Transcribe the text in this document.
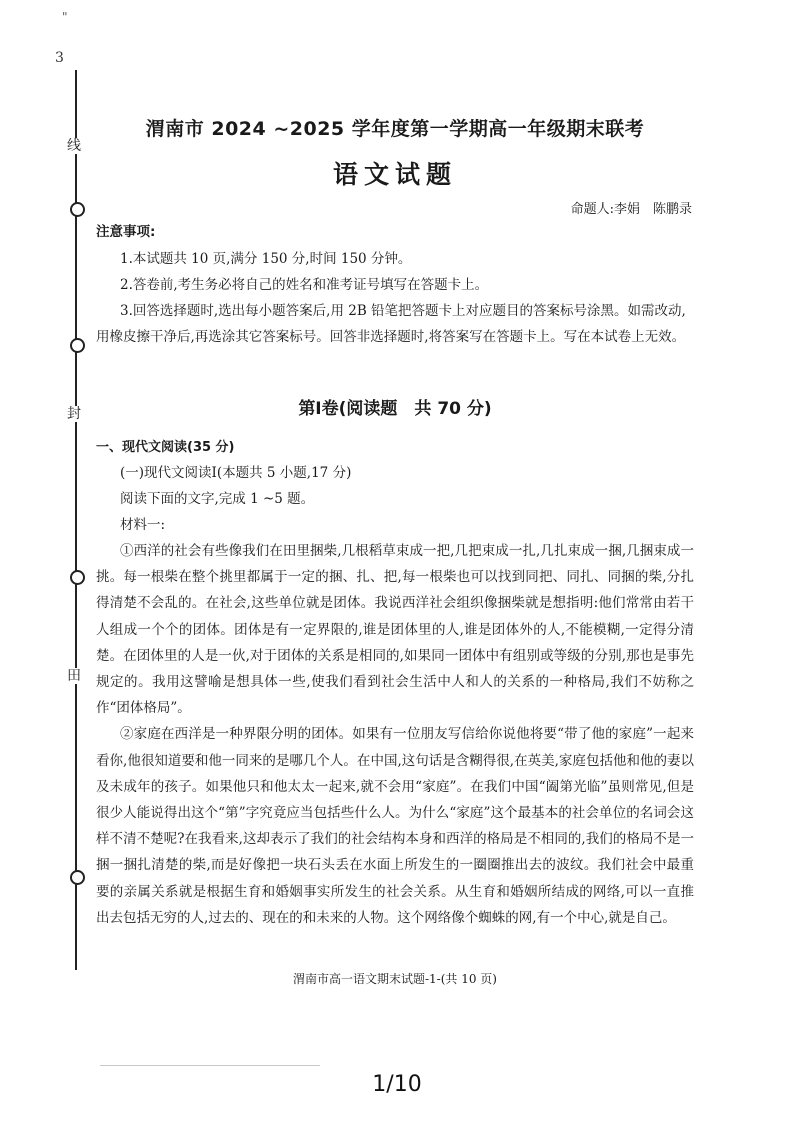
"
3
线
封
田
渭南市 2024 ~2025 学年度第一学期高一年级期末联考
语文试题
命题人:李娟　陈鹏录
注意事项:

1.本试题共 10 页,满分 150 分,时间 150 分钟。

2.答卷前,考生务必将自己的姓名和准考证号填写在答题卡上。

3.回答选择题时,选出每小题答案后,用 2B 铅笔把答题卡上对应题目的答案标号涂黑。如需改动,用橡皮擦干净后,再选涂其它答案标号。回答非选择题时,将答案写在答题卡上。写在本试卷上无效。

第Ⅰ卷(阅读题　共 70 分)
一、现代文阅读(35 分)

(一)现代文阅读Ⅰ(本题共 5 小题,17 分)

阅读下面的文字,完成 1 ~5 题。

材料一:

①西洋的社会有些像我们在田里捆柴,几根稻草束成一把,几把束成一扎,几扎束成一捆,几捆束成一挑。每一根柴在整个挑里都属于一定的捆、扎、把,每一根柴也可以找到同把、同扎、同捆的柴,分扎得清楚不会乱的。在社会,这些单位就是团体。我说西洋社会组织像捆柴就是想指明:他们常常由若干人组成一个个的团体。团体是有一定界限的,谁是团体里的人,谁是团体外的人,不能模糊,一定得分清楚。在团体里的人是一伙,对于团体的关系是相同的,如果同一团体中有组别或等级的分别,那也是事先规定的。我用这譬喻是想具体一些,使我们看到社会生活中人和人的关系的一种格局,我们不妨称之作“团体格局”。

②家庭在西洋是一种界限分明的团体。如果有一位朋友写信给你说他将要“带了他的家庭”一起来看你,他很知道要和他一同来的是哪几个人。在中国,这句话是含糊得很,在英美,家庭包括他和他的妻以及未成年的孩子。如果他只和他太太一起来,就不会用“家庭”。在我们中国“阖第光临”虽则常见,但是很少人能说得出这个“第”字究竟应当包括些什么人。为什么“家庭”这个最基本的社会单位的名词会这样不清不楚呢?在我看来,这却表示了我们的社会结构本身和西洋的格局是不相同的,我们的格局不是一捆一捆扎清楚的柴,而是好像把一块石头丢在水面上所发生的一圈圈推出去的波纹。我们社会中最重要的亲属关系就是根据生育和婚姻事实所发生的社会关系。从生育和婚姻所结成的网络,可以一直推出去包括无穷的人,过去的、现在的和未来的人物。这个网络像个蜘蛛的网,有一个中心,就是自己。

渭南市高一语文期末试题-1-(共 10 页)
1/10
